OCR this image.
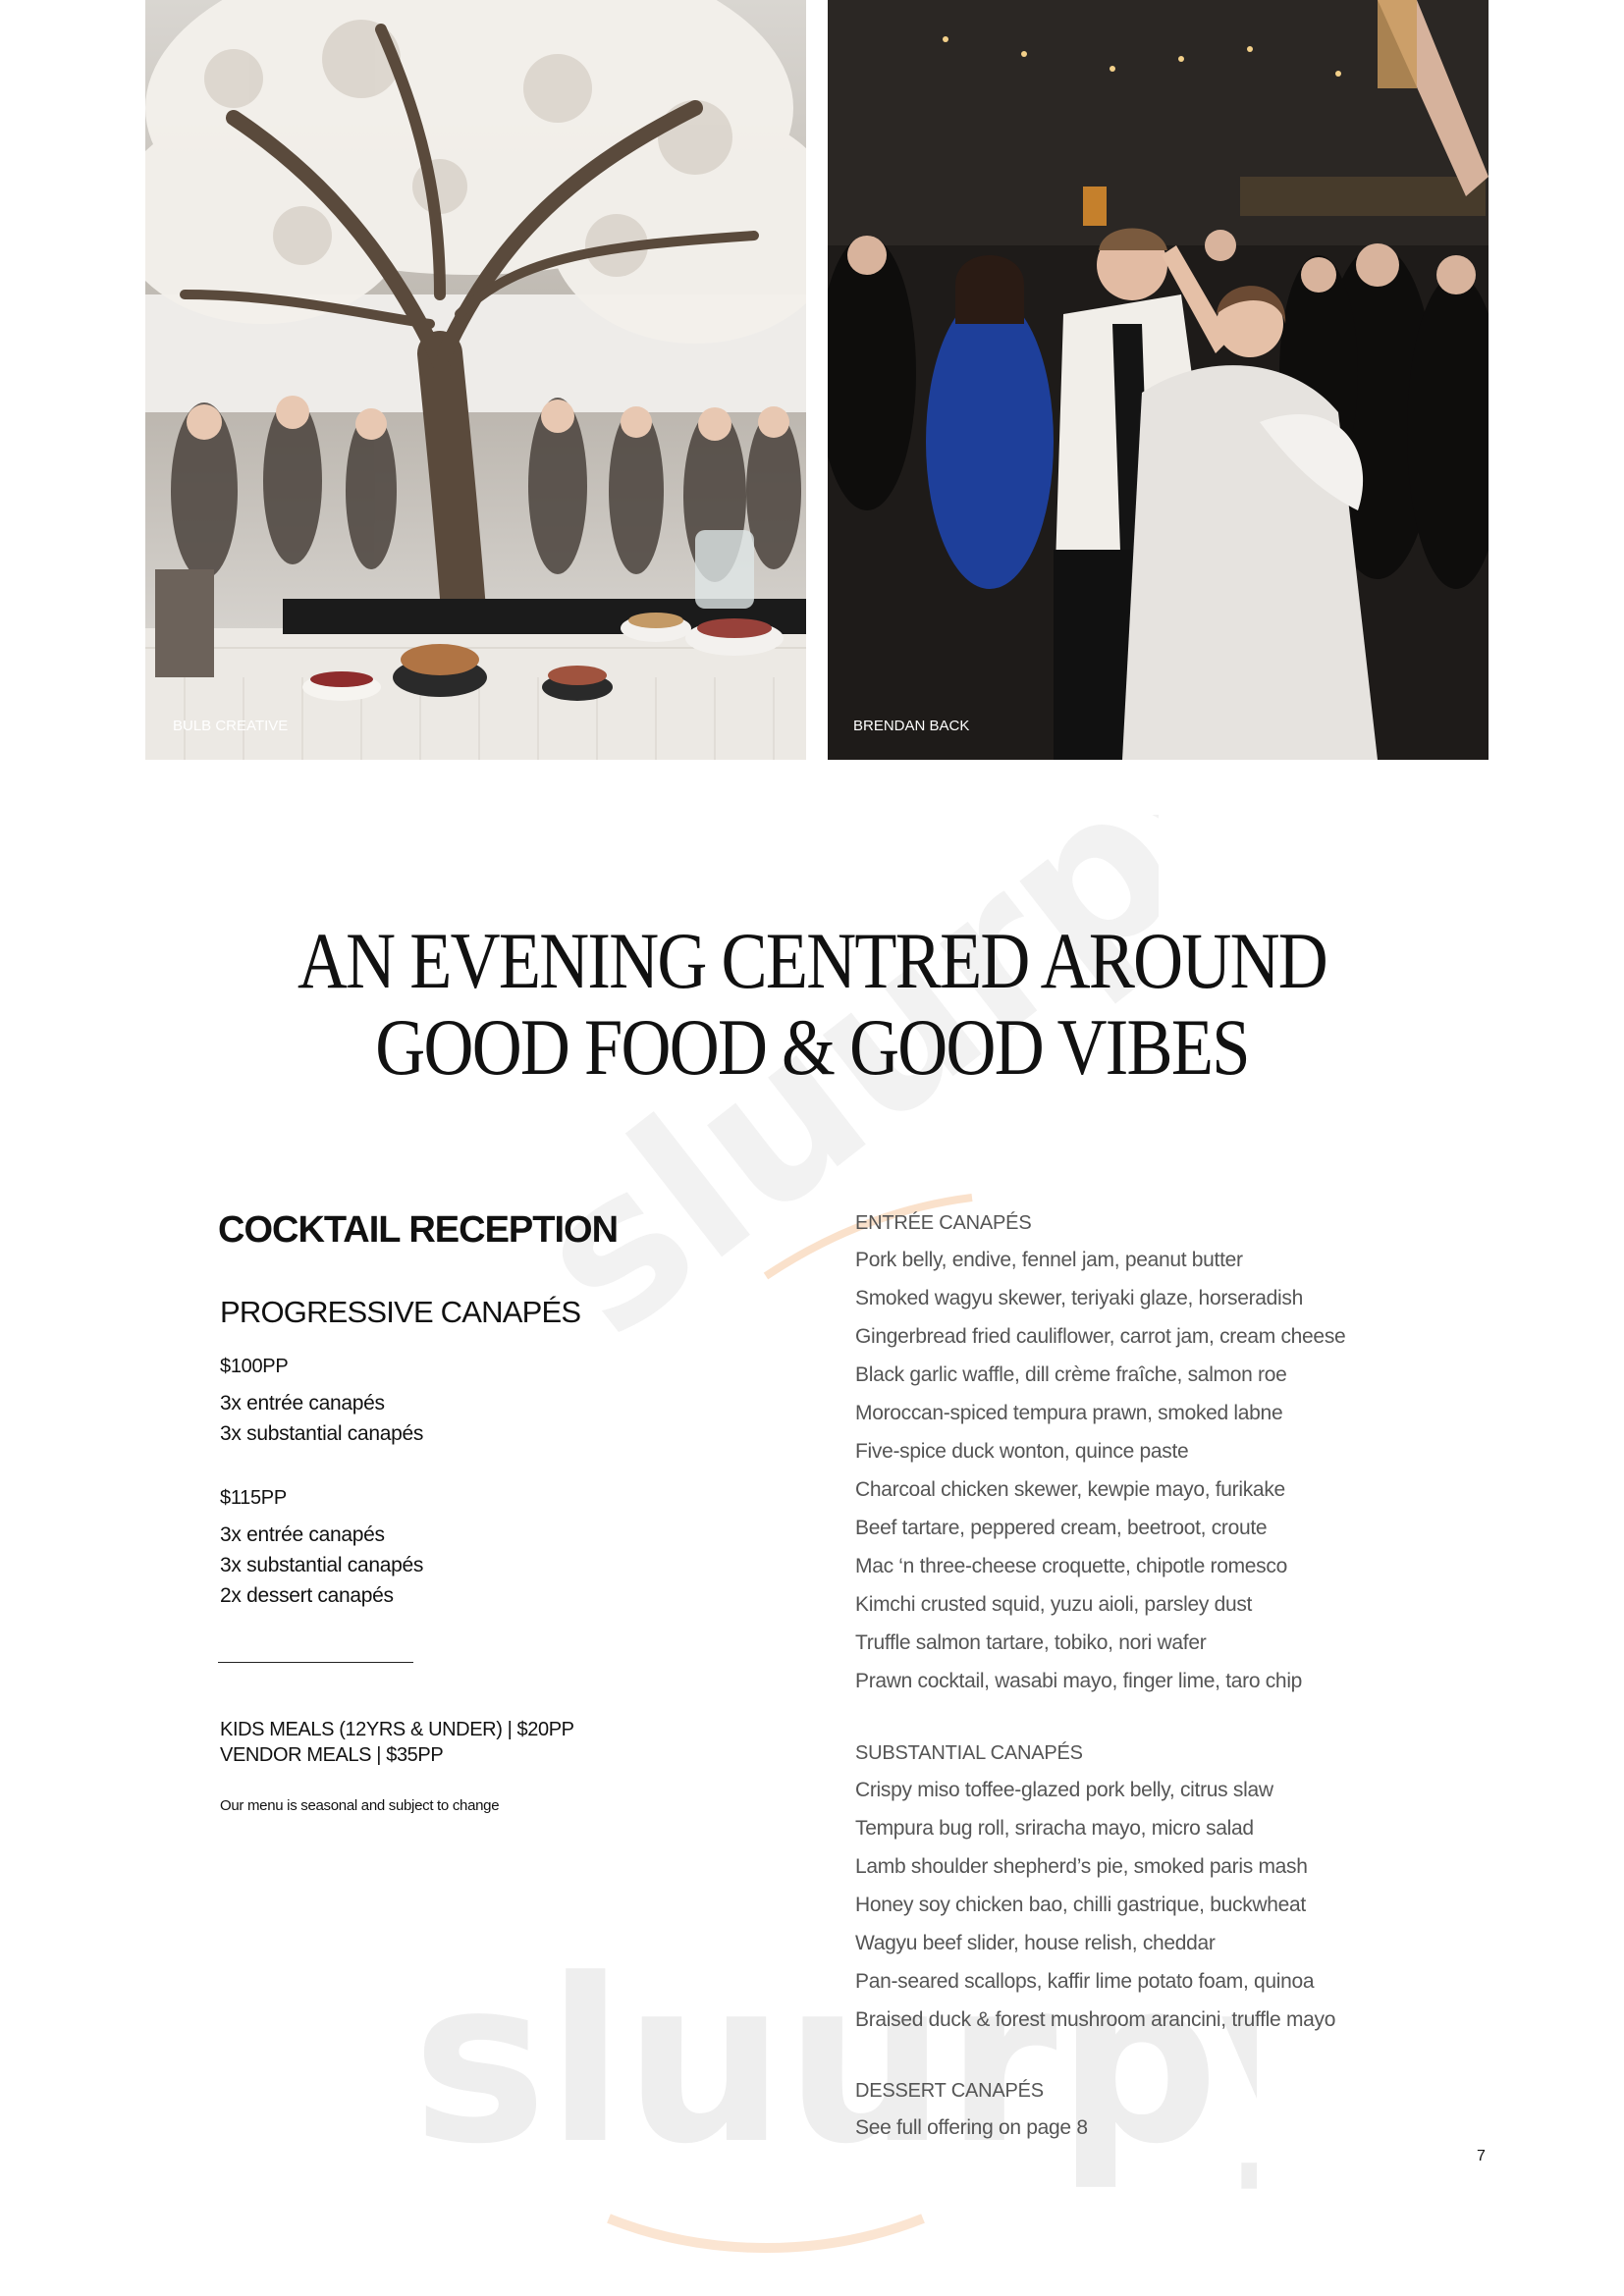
BULB CREATIVE	BRENDAN BACK
sluurpy
sluurp
AN EVENING CENTRED AROUND
GOOD FOOD & GOOD VIBES
COCKTAIL RECEPTION
PROGRESSIVE CANAPÉS
$100PP
3x entrée canapés
3x substantial canapés
$115PP
3x entrée canapés
3x substantial canapés
2x dessert canapés
KIDS MEALS (12YRS & UNDER) | $20PP
VENDOR MEALS | $35PP
Our menu is seasonal and subject to change
ENTRÉE CANAPÉS
Pork belly, endive, fennel jam, peanut butter
Smoked wagyu skewer, teriyaki glaze, horseradish
Gingerbread fried cauliflower, carrot jam, cream cheese
Black garlic waffle, dill crème fraîche, salmon roe
Moroccan-spiced tempura prawn, smoked labne
Five-spice duck wonton, quince paste
Charcoal chicken skewer, kewpie mayo, furikake
Beef tartare, peppered cream, beetroot, croute
Mac ‘n three-cheese croquette, chipotle romesco
Kimchi crusted squid, yuzu aioli, parsley dust
Truffle salmon tartare, tobiko, nori wafer
Prawn cocktail, wasabi mayo, finger lime, taro chip
SUBSTANTIAL CANAPÉS
Crispy miso toffee-glazed pork belly, citrus slaw
Tempura bug roll, sriracha mayo, micro salad
Lamb shoulder shepherd’s pie, smoked paris mash
Honey soy chicken bao, chilli gastrique, buckwheat
Wagyu beef slider, house relish, cheddar
Pan-seared scallops, kaffir lime potato foam, quinoa
Braised duck & forest mushroom arancini, truffle mayo
DESSERT CANAPÉS
See full offering on page 8
7
